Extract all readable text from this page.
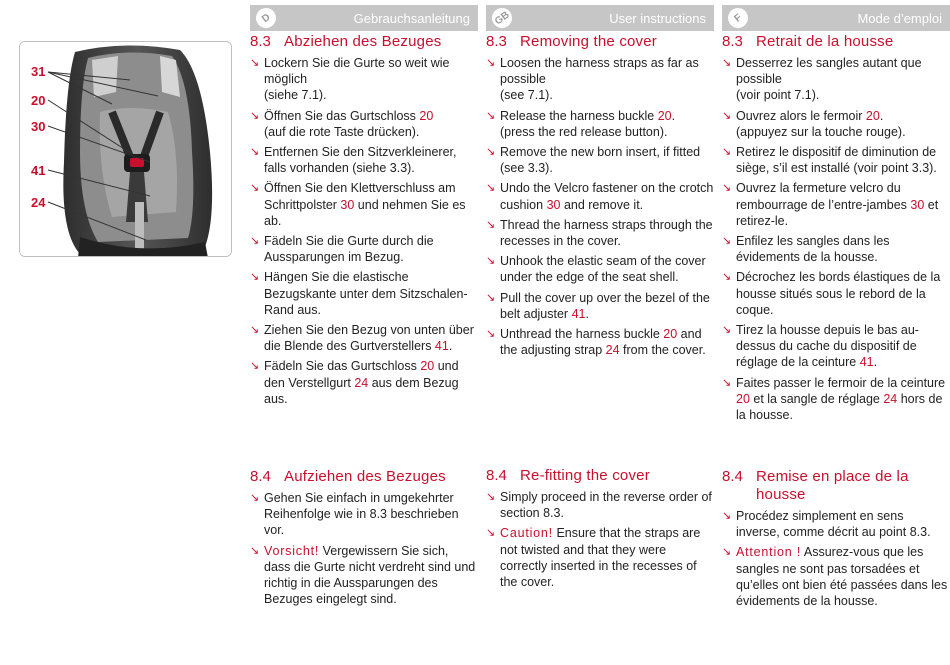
31
20
30
41
24
D	Gebrauchsanleitung	GB	User instructions	F	Mode d’emploi
8.3 Abziehen des Bezuges
↘ Lockern Sie die Gurte so weit wie möglich
(siehe 7.1).
↘ Öffnen Sie das Gurtschloss 20
(auf die rote Taste drücken).
↘ Entfernen Sie den Sitzverkleinerer, falls vorhanden (siehe 3.3).
↘ Öffnen Sie den Klettverschluss am Schrittpolster 30 und nehmen Sie es ab.
↘ Fädeln Sie die Gurte durch die Aussparungen im Bezug.
↘ Hängen Sie die elastische Bezugskante unter dem Sitzschalen-Rand aus.
↘ Ziehen Sie den Bezug von unten über die Blende des Gurtverstellers 41.
↘ Fädeln Sie das Gurtschloss 20 und den Verstellgurt 24 aus dem Bezug aus.
8.3 Removing the cover
↘ Loosen the harness straps as far as possible
(see 7.1).
↘ Release the harness buckle 20.
(press the red release button).
↘ Remove the new born insert, if fitted
(see 3.3).
↘ Undo the Velcro fastener on the crotch cushion 30 and remove it.
↘ Thread the harness straps through the recesses in the cover.
↘ Unhook the elastic seam of the cover under the edge of the seat shell.
↘ Pull the cover up over the bezel of the belt adjuster 41.
↘ Unthread the harness buckle 20 and the adjusting strap 24 from the cover.
8.3 Retrait de la housse
↘ Desserrez les sangles autant que possible
(voir point 7.1).
↘ Ouvrez alors le fermoir 20.
(appuyez sur la touche rouge).
↘ Retirez le dispositif de diminution de siège, s’il est installé (voir point 3.3).
↘ Ouvrez la fermeture velcro du rembourrage de l’entre-jambes 30 et retirez-le.
↘ Enfilez les sangles dans les évidements de la housse.
↘ Décrochez les bords élastiques de la housse situés sous le rebord de la coque.
↘ Tirez la housse depuis le bas au-dessus du cache du dispositif de réglage de la ceinture 41.
↘ Faites passer le fermoir de la ceinture 20 et la sangle de réglage 24 hors de la housse.
8.4 Aufziehen des Bezuges
↘ Gehen Sie einfach in umgekehrter Reihenfolge wie in 8.3 beschrieben vor.
↘ Vorsicht! Vergewissern Sie sich, dass die Gurte nicht verdreht sind und richtig in die Aussparungen des Bezuges eingelegt sind.
8.4 Re-fitting the cover
↘ Simply proceed in the reverse order of section 8.3.
↘ Caution! Ensure that the straps are not twisted and that they were correctly inserted in the recesses of the cover.
8.4 Remise en place de la housse
↘ Procédez simplement en sens inverse, comme décrit au point 8.3.
↘ Attention ! Assurez-vous que les sangles ne sont pas torsadées et qu’elles ont bien été passées dans les évidements de la housse.
